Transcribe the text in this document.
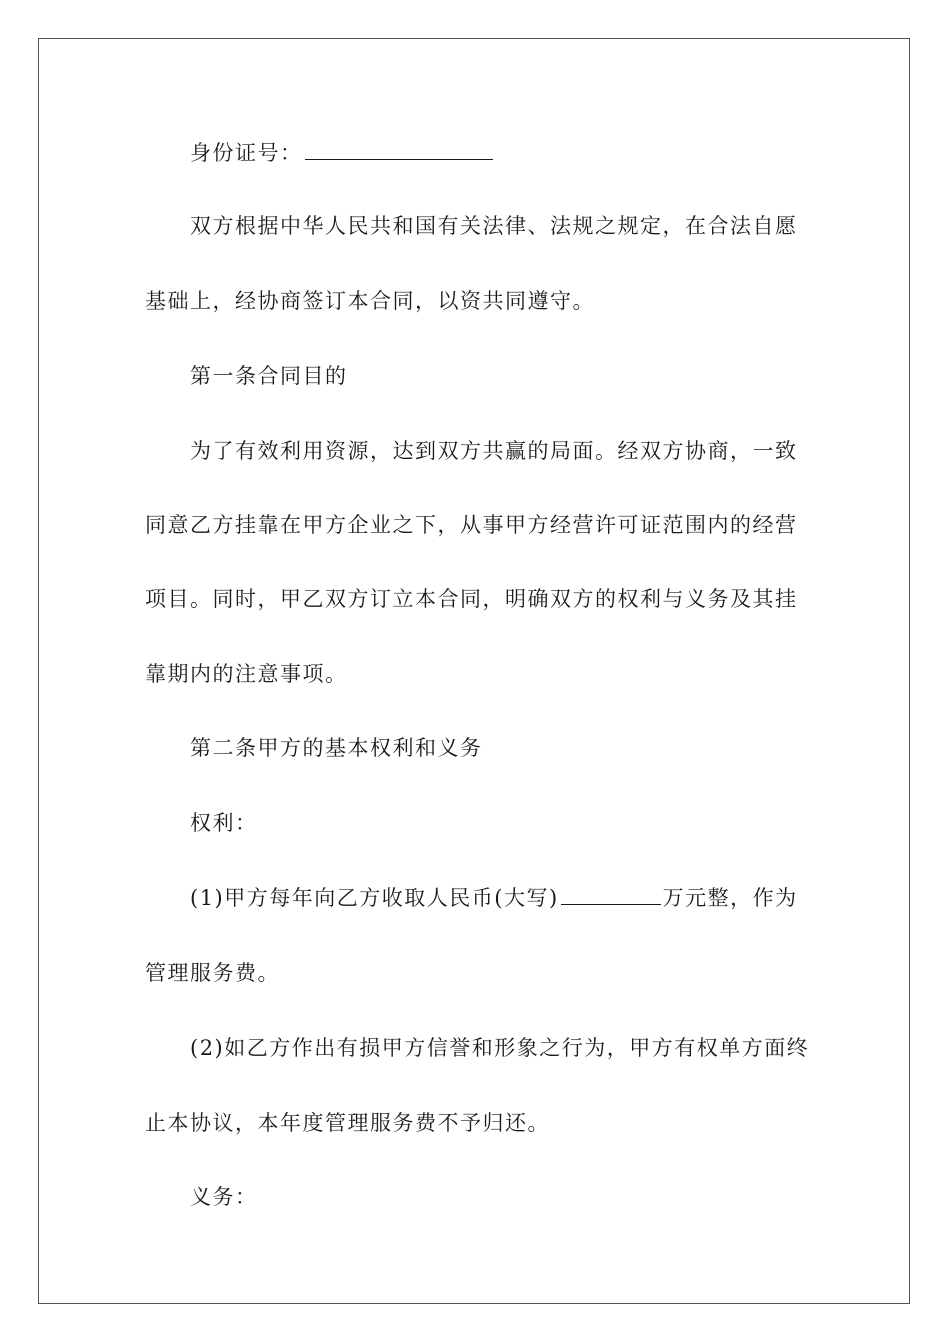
身份证号：
双方根据中华人民共和国有关法律、法规之规定，在合法自愿
基础上，经协商签订本合同，以资共同遵守。
第一条合同目的
为了有效利用资源，达到双方共赢的局面。经双方协商，一致
同意乙方挂靠在甲方企业之下，从事甲方经营许可证范围内的经营
项目。同时，甲乙双方订立本合同，明确双方的权利与义务及其挂
靠期内的注意事项。
第二条甲方的基本权利和义务
权利：
(1)甲方每年向乙方收取人民币(大写)	万元整，作为
管理服务费。
(2)如乙方作出有损甲方信誉和形象之行为，甲方有权单方面终
止本协议，本年度管理服务费不予归还。
义务：
